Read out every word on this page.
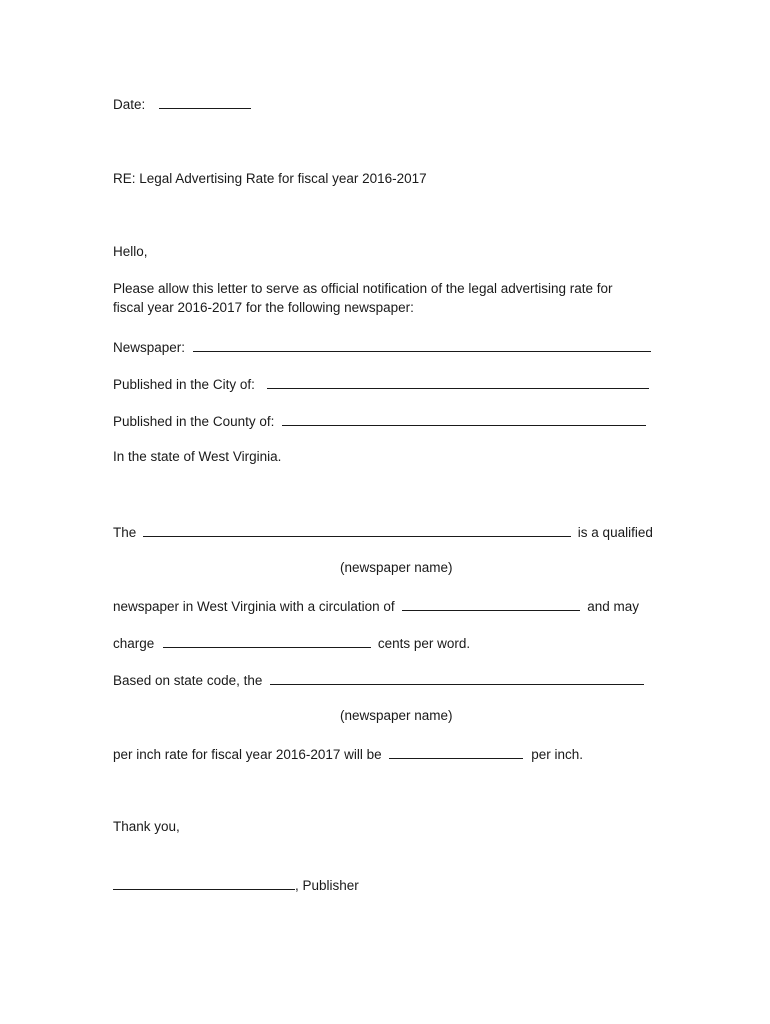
Date:
RE: Legal Advertising Rate for fiscal year 2016-2017
Hello,
Please allow this letter to serve as official notification of the legal advertising rate for
fiscal year 2016-2017 for the following newspaper:
Newspaper:
Published in the City of:
Published in the County of:
In the state of West Virginia.
The	is a qualified
(newspaper name)
newspaper in West Virginia with a circulation of	and may
charge	cents per word.
Based on state code, the
(newspaper name)
per inch rate for fiscal year 2016-2017 will be	per inch.
Thank you,
, Publisher
